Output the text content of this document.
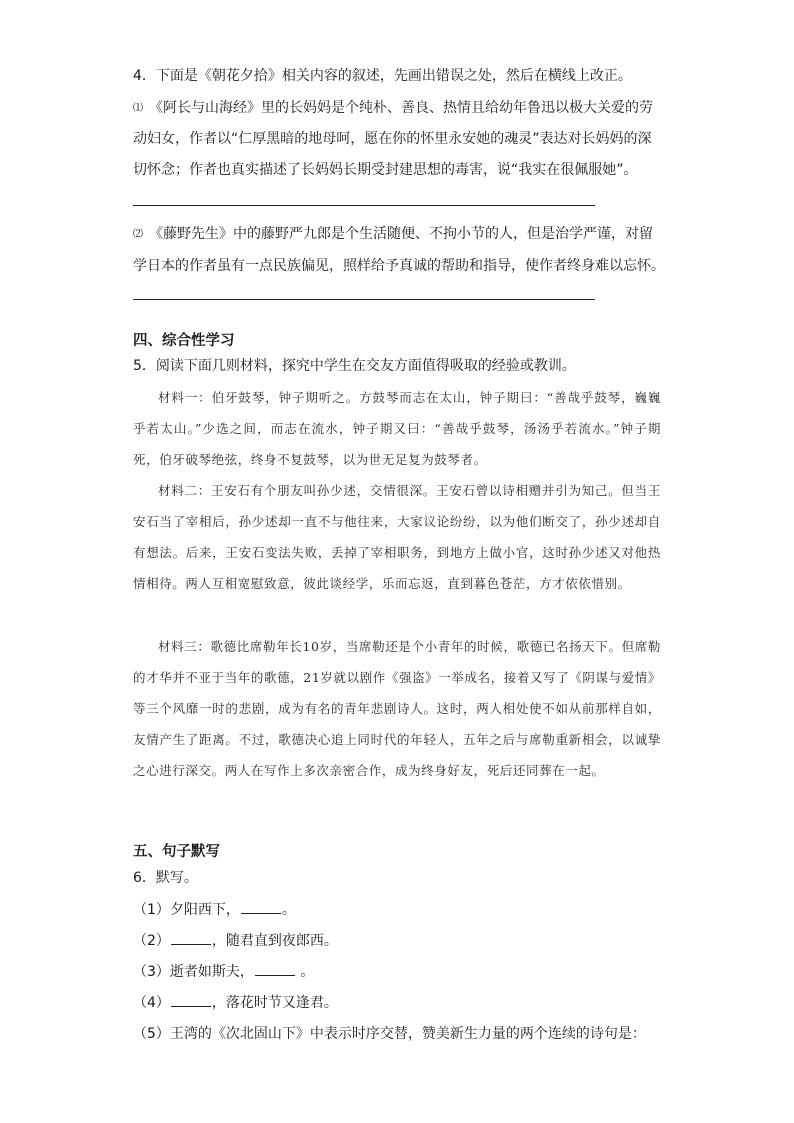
4．下面是《朝花夕拾》相关内容的叙述，先画出错误之处，然后在横线上改正。
⑴ 《阿长与山海经》里的长妈妈是个纯朴、善良、热情且给幼年鲁迅以极大关爱的劳
动妇女，作者以“仁厚黑暗的地母呵，愿在你的怀里永安她的魂灵”表达对长妈妈的深
切怀念；作者也真实描述了长妈妈长期受封建思想的毒害，说“我实在很佩服她”。
⑵ 《藤野先生》中的藤野严九郎是个生活随便、不拘小节的人，但是治学严谨，对留
学日本的作者虽有一点民族偏见，照样给予真诚的帮助和指导，使作者终身难以忘怀。
四、综合性学习
5．阅读下面几则材料，探究中学生在交友方面值得吸取的经验或教训。
材料一：伯牙鼓琴，钟子期听之。方鼓琴而志在太山，钟子期曰：“善哉乎鼓琴，巍巍乎若太山。”少选之间，而志在流水，钟子期又曰：“善哉乎鼓琴，汤汤乎若流水。”钟子期死，伯牙破琴绝弦，终身不复鼓琴，以为世无足复为鼓琴者。
材料二：王安石有个朋友叫孙少述，交情很深。王安石曾以诗相赠并引为知己。但当王安石当了宰相后，孙少述却一直不与他往来，大家议论纷纷，以为他们断交了，孙少述却自有想法。后来，王安石变法失败，丢掉了宰相职务，到地方上做小官，这时孙少述又对他热情相待。两人互相宽慰致意，彼此谈经学，乐而忘返，直到暮色苍茫，方才依依惜别。
材料三：歌德比席勒年长10岁，当席勒还是个小青年的时候，歌德已名扬天下。但席勒的才华并不亚于当年的歌德，21岁就以剧作《强盗》一举成名，接着又写了《阴谋与爱情》等三个风靡一时的悲剧，成为有名的青年悲剧诗人。这时，两人相处使不如从前那样自如，友情产生了距离。不过，歌德决心追上同时代的年轻人，五年之后与席勒重新相会，以诚挚之心进行深交。两人在写作上多次亲密合作，成为终身好友，死后还同葬在一起。
五、句子默写
6．默写。
（1）夕阳西下，	。
（2）	，随君直到夜郎西。
（3）逝者如斯夫，	。
（4）	，落花时节又逢君。
（5）王湾的《次北固山下》中表示时序交替，赞美新生力量的两个连续的诗句是：
